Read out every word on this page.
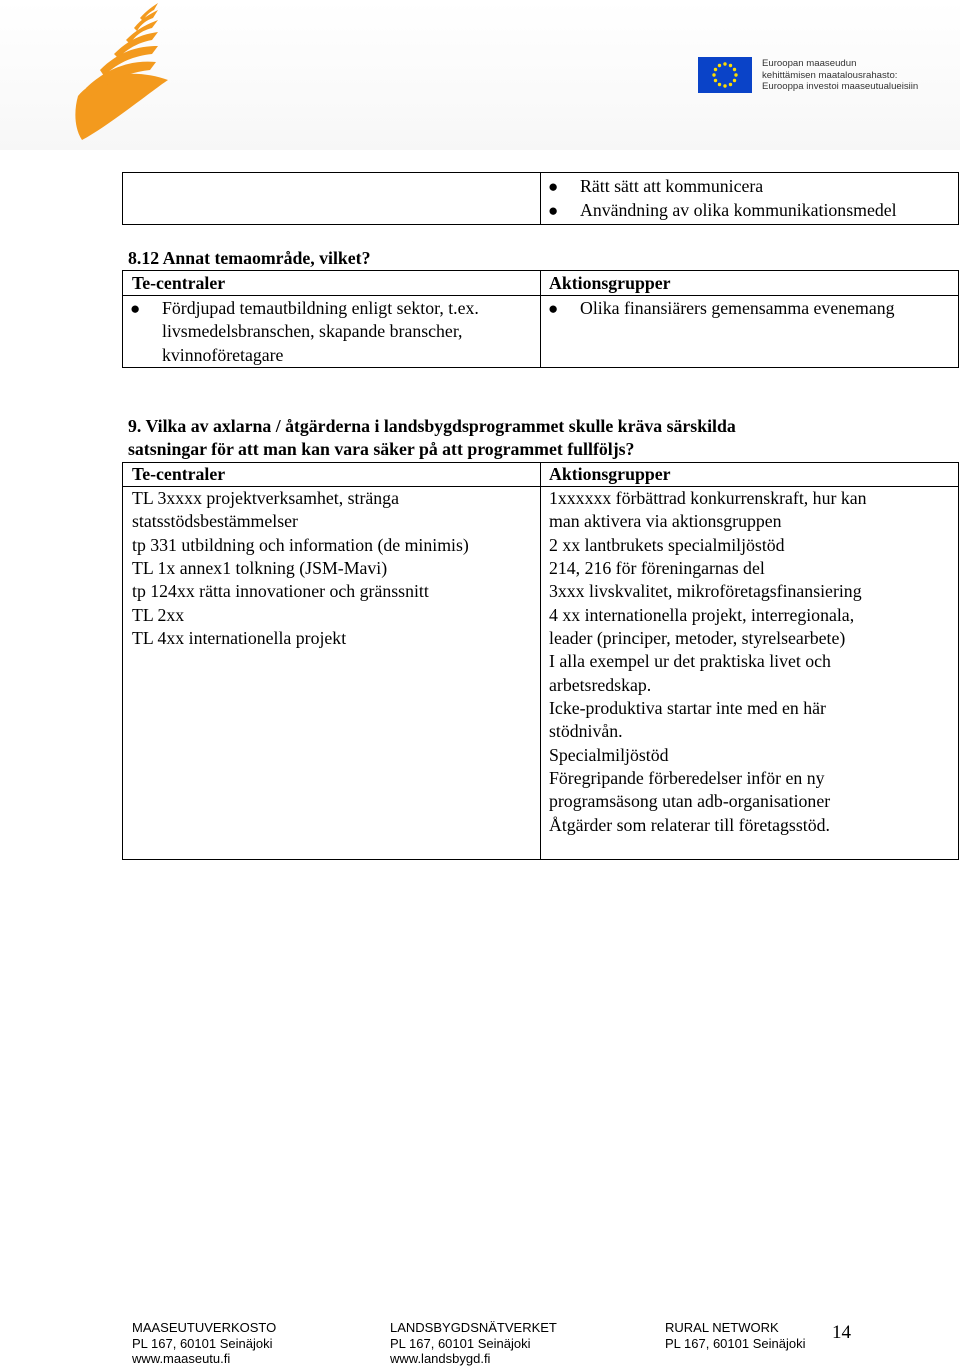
Euroopan maaseudun
kehittämisen maatalousrahasto:
Eurooppa investoi maaseutualueisiin
● Rätt sätt att kommunicera
● Användning av olika kommunikationsmedel
8.12 Annat temaområde, vilket?
Te-centraler	Aktionsgrupper
● Fördjupad temautbildning enligt sektor, t.ex.
livsmedelsbranschen, skapande branscher,
kvinnoföretagare
● Olika finansiärers gemensamma evenemang
9. Vilka av axlarna / åtgärderna i landsbygdsprogrammet skulle kräva särskilda
satsningar för att man kan vara säker på att programmet fullföljs?
Te-centraler	Aktionsgrupper
TL 3xxxx projektverksamhet, stränga
statsstödsbestämmelser
tp 331 utbildning och information (de minimis)
TL 1x annex1 tolkning (JSM-Mavi)
tp 124xx rätta innovationer och gränssnitt
TL 2xx
TL 4xx internationella projekt
1xxxxxx förbättrad konkurrenskraft, hur kan
man aktivera via aktionsgruppen
2 xx lantbrukets specialmiljöstöd
214, 216 för föreningarnas del
3xxx livskvalitet, mikroföretagsfinansiering
4 xx internationella projekt, interregionala,
leader (principer, metoder, styrelsearbete)
I alla exempel ur det praktiska livet och
arbetsredskap.
Icke-produktiva startar inte med en här
stödnivån.
Specialmiljöstöd
Föregripande förberedelser inför en ny
programsäsong utan adb-organisationer
Åtgärder som relaterar till företagsstöd.
MAASEUTUVERKOSTO
PL 167, 60101 Seinäjoki
www.maaseutu.fi
LANDSBYGDSNÄTVERKET
PL 167, 60101 Seinäjoki
www.landsbygd.fi
RURAL NETWORK
PL 167, 60101 Seinäjoki 14
